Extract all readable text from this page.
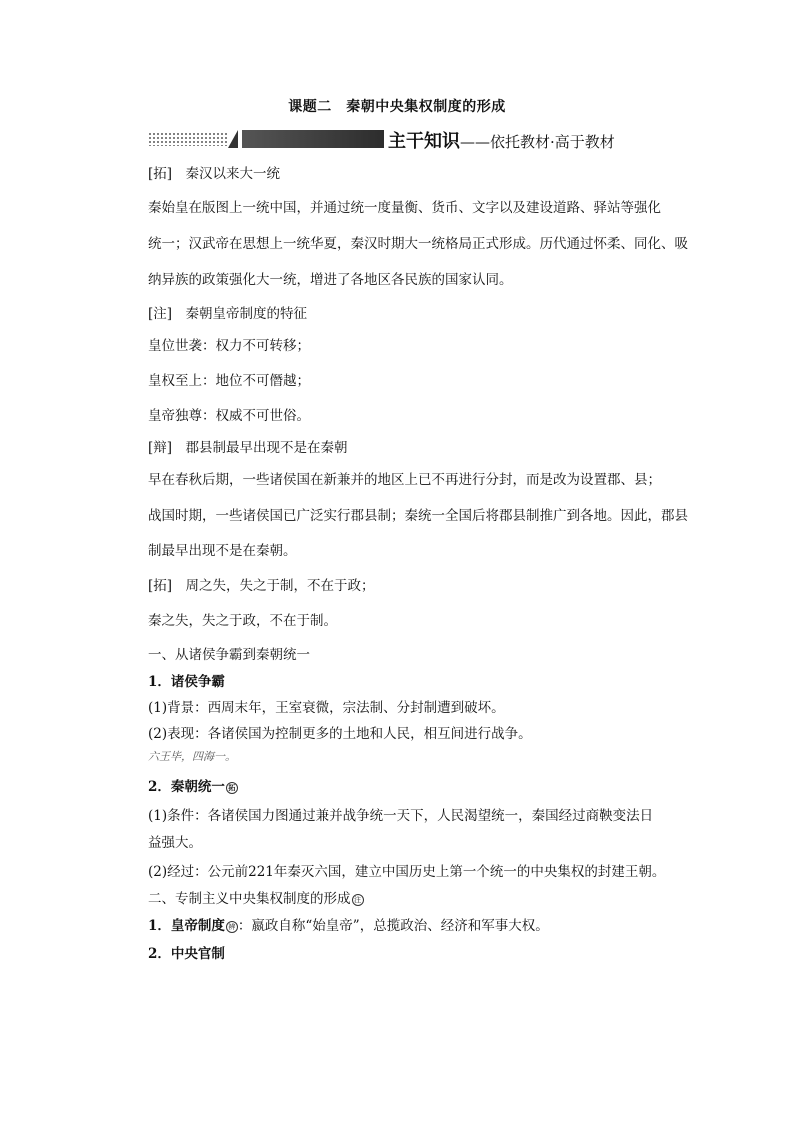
课题二　秦朝中央集权制度的形成
主干知识——依托教材·高于教材
[拓]　秦汉以来大一统
秦始皇在版图上一统中国，并通过统一度量衡、货币、文字以及建设道路、驿站等强化
统一；汉武帝在思想上一统华夏，秦汉时期大一统格局正式形成。历代通过怀柔、同化、吸
纳异族的政策强化大一统，增进了各地区各民族的国家认同。
[注]　秦朝皇帝制度的特征
皇位世袭：权力不可转移；
皇权至上：地位不可僭越；
皇帝独尊：权威不可世俗。
[辩]　郡县制最早出现不是在秦朝
早在春秋后期，一些诸侯国在新兼并的地区上已不再进行分封，而是改为设置郡、县；
战国时期，一些诸侯国已广泛实行郡县制；秦统一全国后将郡县制推广到各地。因此，郡县
制最早出现不是在秦朝。
[拓]　周之失，失之于制，不在于政；
秦之失，失之于政，不在于制。
一、从诸侯争霸到秦朝统一
1．诸侯争霸
(1)背景：西周末年，王室衰微，宗法制、分封制遭到破坏。
(2)表现：各诸侯国为控制更多的土地和人民，相互间进行战争。
六王毕，四海一。
2．秦朝统一 拓
(1)条件：各诸侯国力图通过兼并战争统一天下，人民渴望统一，秦国经过商鞅变法日
益强大。
(2)经过：公元前221年秦灭六国，建立中国历史上第一个统一的中央集权的封建王朝。
二、专制主义中央集权制度的形成 注
1．皇帝制度 辨 ：嬴政自称“始皇帝”，总揽政治、经济和军事大权。
2．中央官制
